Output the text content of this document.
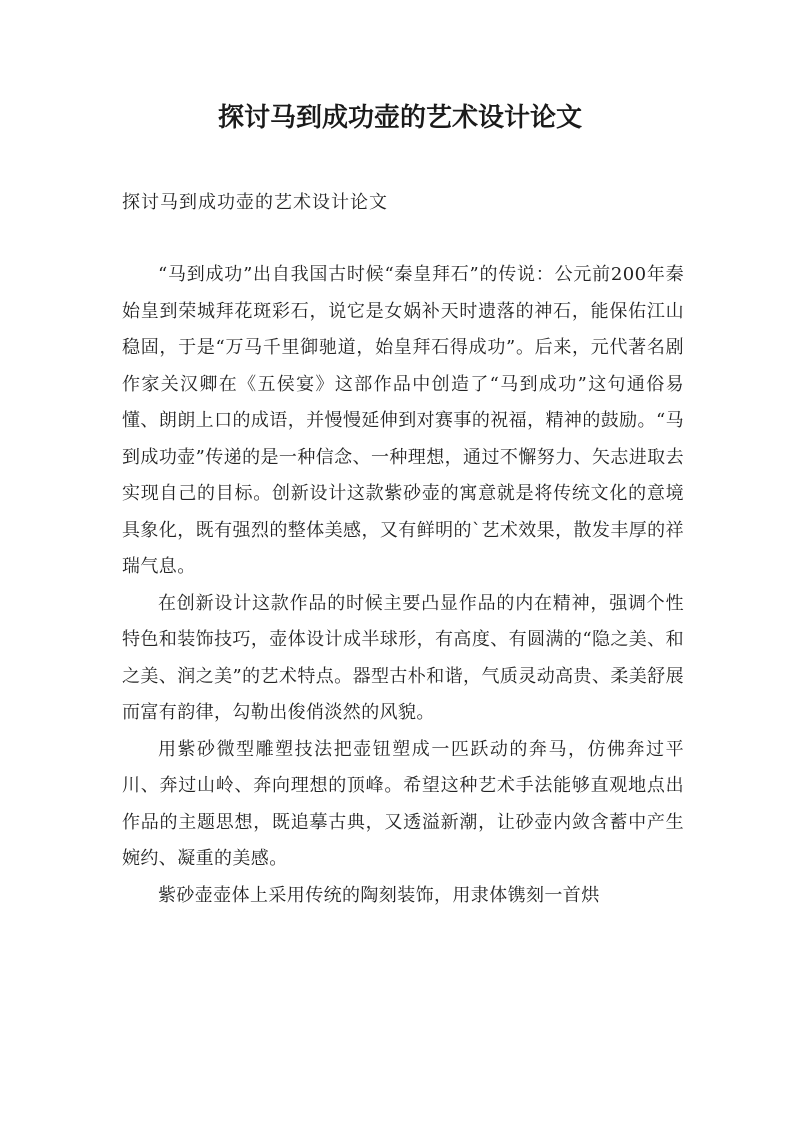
探讨马到成功壶的艺术设计论文

探讨马到成功壶的艺术设计论文

“马到成功”出自我国古时候“秦皇拜石”的传说：公元前200年秦始皇到荣城拜花斑彩石，说它是女娲补天时遗落的神石，能保佑江山稳固，于是“万马千里御驰道，始皇拜石得成功”。后来，元代著名剧作家关汉卿在《五侯宴》这部作品中创造了“马到成功”这句通俗易懂、朗朗上口的成语，并慢慢延伸到对赛事的祝福，精神的鼓励。“马到成功壶”传递的是一种信念、一种理想，通过不懈努力、矢志进取去实现自己的目标。创新设计这款紫砂壶的寓意就是将传统文化的意境具象化，既有强烈的整体美感，又有鲜明的`艺术效果，散发丰厚的祥瑞气息。

在创新设计这款作品的时候主要凸显作品的内在精神，强调个性特色和装饰技巧，壶体设计成半球形，有高度、有圆满的“隐之美、和之美、润之美”的艺术特点。器型古朴和谐，气质灵动高贵、柔美舒展而富有韵律，勾勒出俊俏淡然的风貌。

用紫砂微型雕塑技法把壶钮塑成一匹跃动的奔马，仿佛奔过平川、奔过山岭、奔向理想的顶峰。希望这种艺术手法能够直观地点出作品的主题思想，既追摹古典，又透溢新潮，让砂壶内敛含蓄中产生婉约、凝重的美感。

紫砂壶壶体上采用传统的陶刻装饰，用隶体镌刻一首烘
